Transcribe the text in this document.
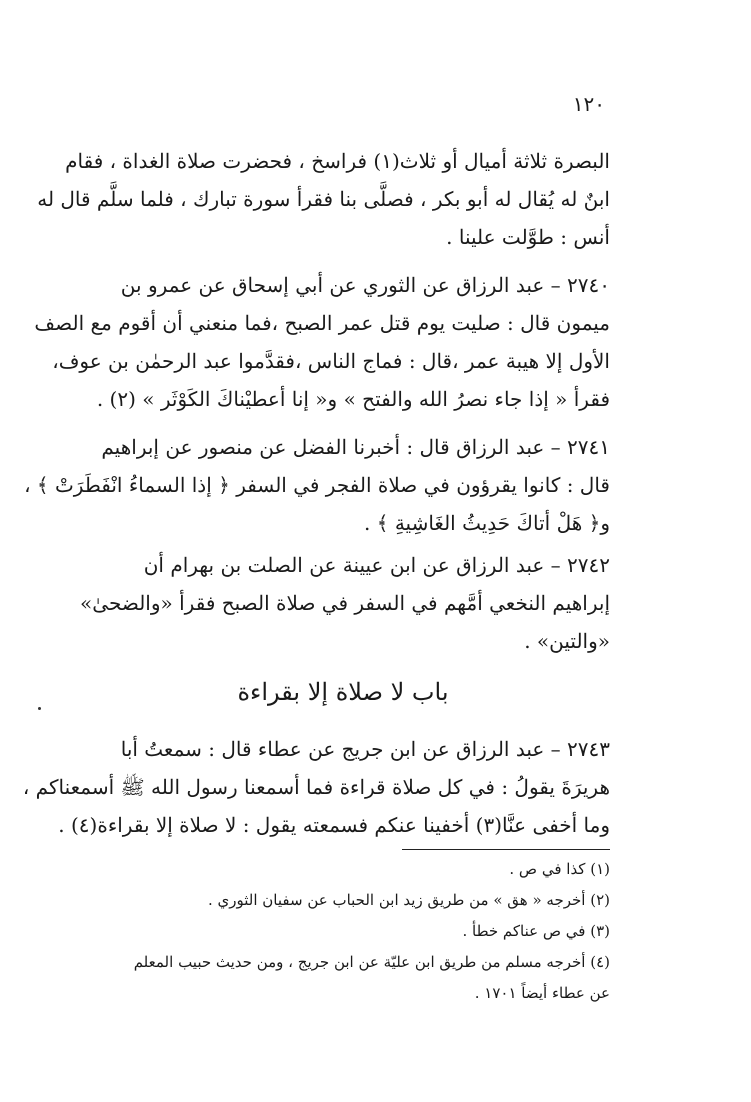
١٢٠
البصرة ثلاثة أميال أو ثلاث(١) فراسخ ، فحضرت صلاة الغداة ، فقام
ابنٌ له يُقال له أبو بكر ، فصلَّى بنا فقرأ سورة تبارك ، فلما سلَّم قال له
أنس : طوَّلت علينا .
٢٧٤٠ – عبد الرزاق عن الثوري عن أبي إسحاق عن عمرو بن
ميمون قال : صليت يوم قتل عمر الصبح ،فما منعني أن أقوم مع الصف
الأول إلا هيبة عمر ،قال : فماج الناس ،فقدَّموا عبد الرحمٰن بن عوف،
فقرأ « إذا جاء نصرُ الله والفتح » و« إنا أعطيْناكَ الكَوْثَر » (٢) .
٢٧٤١ – عبد الرزاق قال : أخبرنا الفضل عن منصور عن إبراهيم
قال : كانوا يقرؤون في صلاة الفجر في السفر ﴿ إذا السماءُ انْفَطَرَتْ ﴾ ،
و﴿ هَلْ أتاكَ حَدِيثُ الغَاشِيةِ ﴾ .
٢٧٤٢ – عبد الرزاق عن ابن عيينة عن الصلت بن بهرام أن
إبراهيم النخعي أمَّهم في السفر في صلاة الصبح فقرأ «والضحىٰ»
«والتين» .
باب لا صلاة إلا بقراءة
٢٧٤٣ – عبد الرزاق عن ابن جريج عن عطاء قال : سمعتُ أبا
هريرَةَ يقولُ : في كل صلاة قراءة فما أسمعنا رسول الله ﷺ أسمعناكم ،
وما أخفى عنَّا(٣) أخفينا عنكم فسمعته يقول : لا صلاة إلا بقراءة(٤) .
(١) كذا في ص .
(٢) أخرجه « هق » من طريق زيد ابن الحباب عن سفيان الثوري .
(٣) في ص عناكم خطأ .
(٤) أخرجه مسلم من طريق ابن عليّة عن ابن جريج ، ومن حديث حبيب المعلم
عن عطاء أيضاً ١٧٠١ .
